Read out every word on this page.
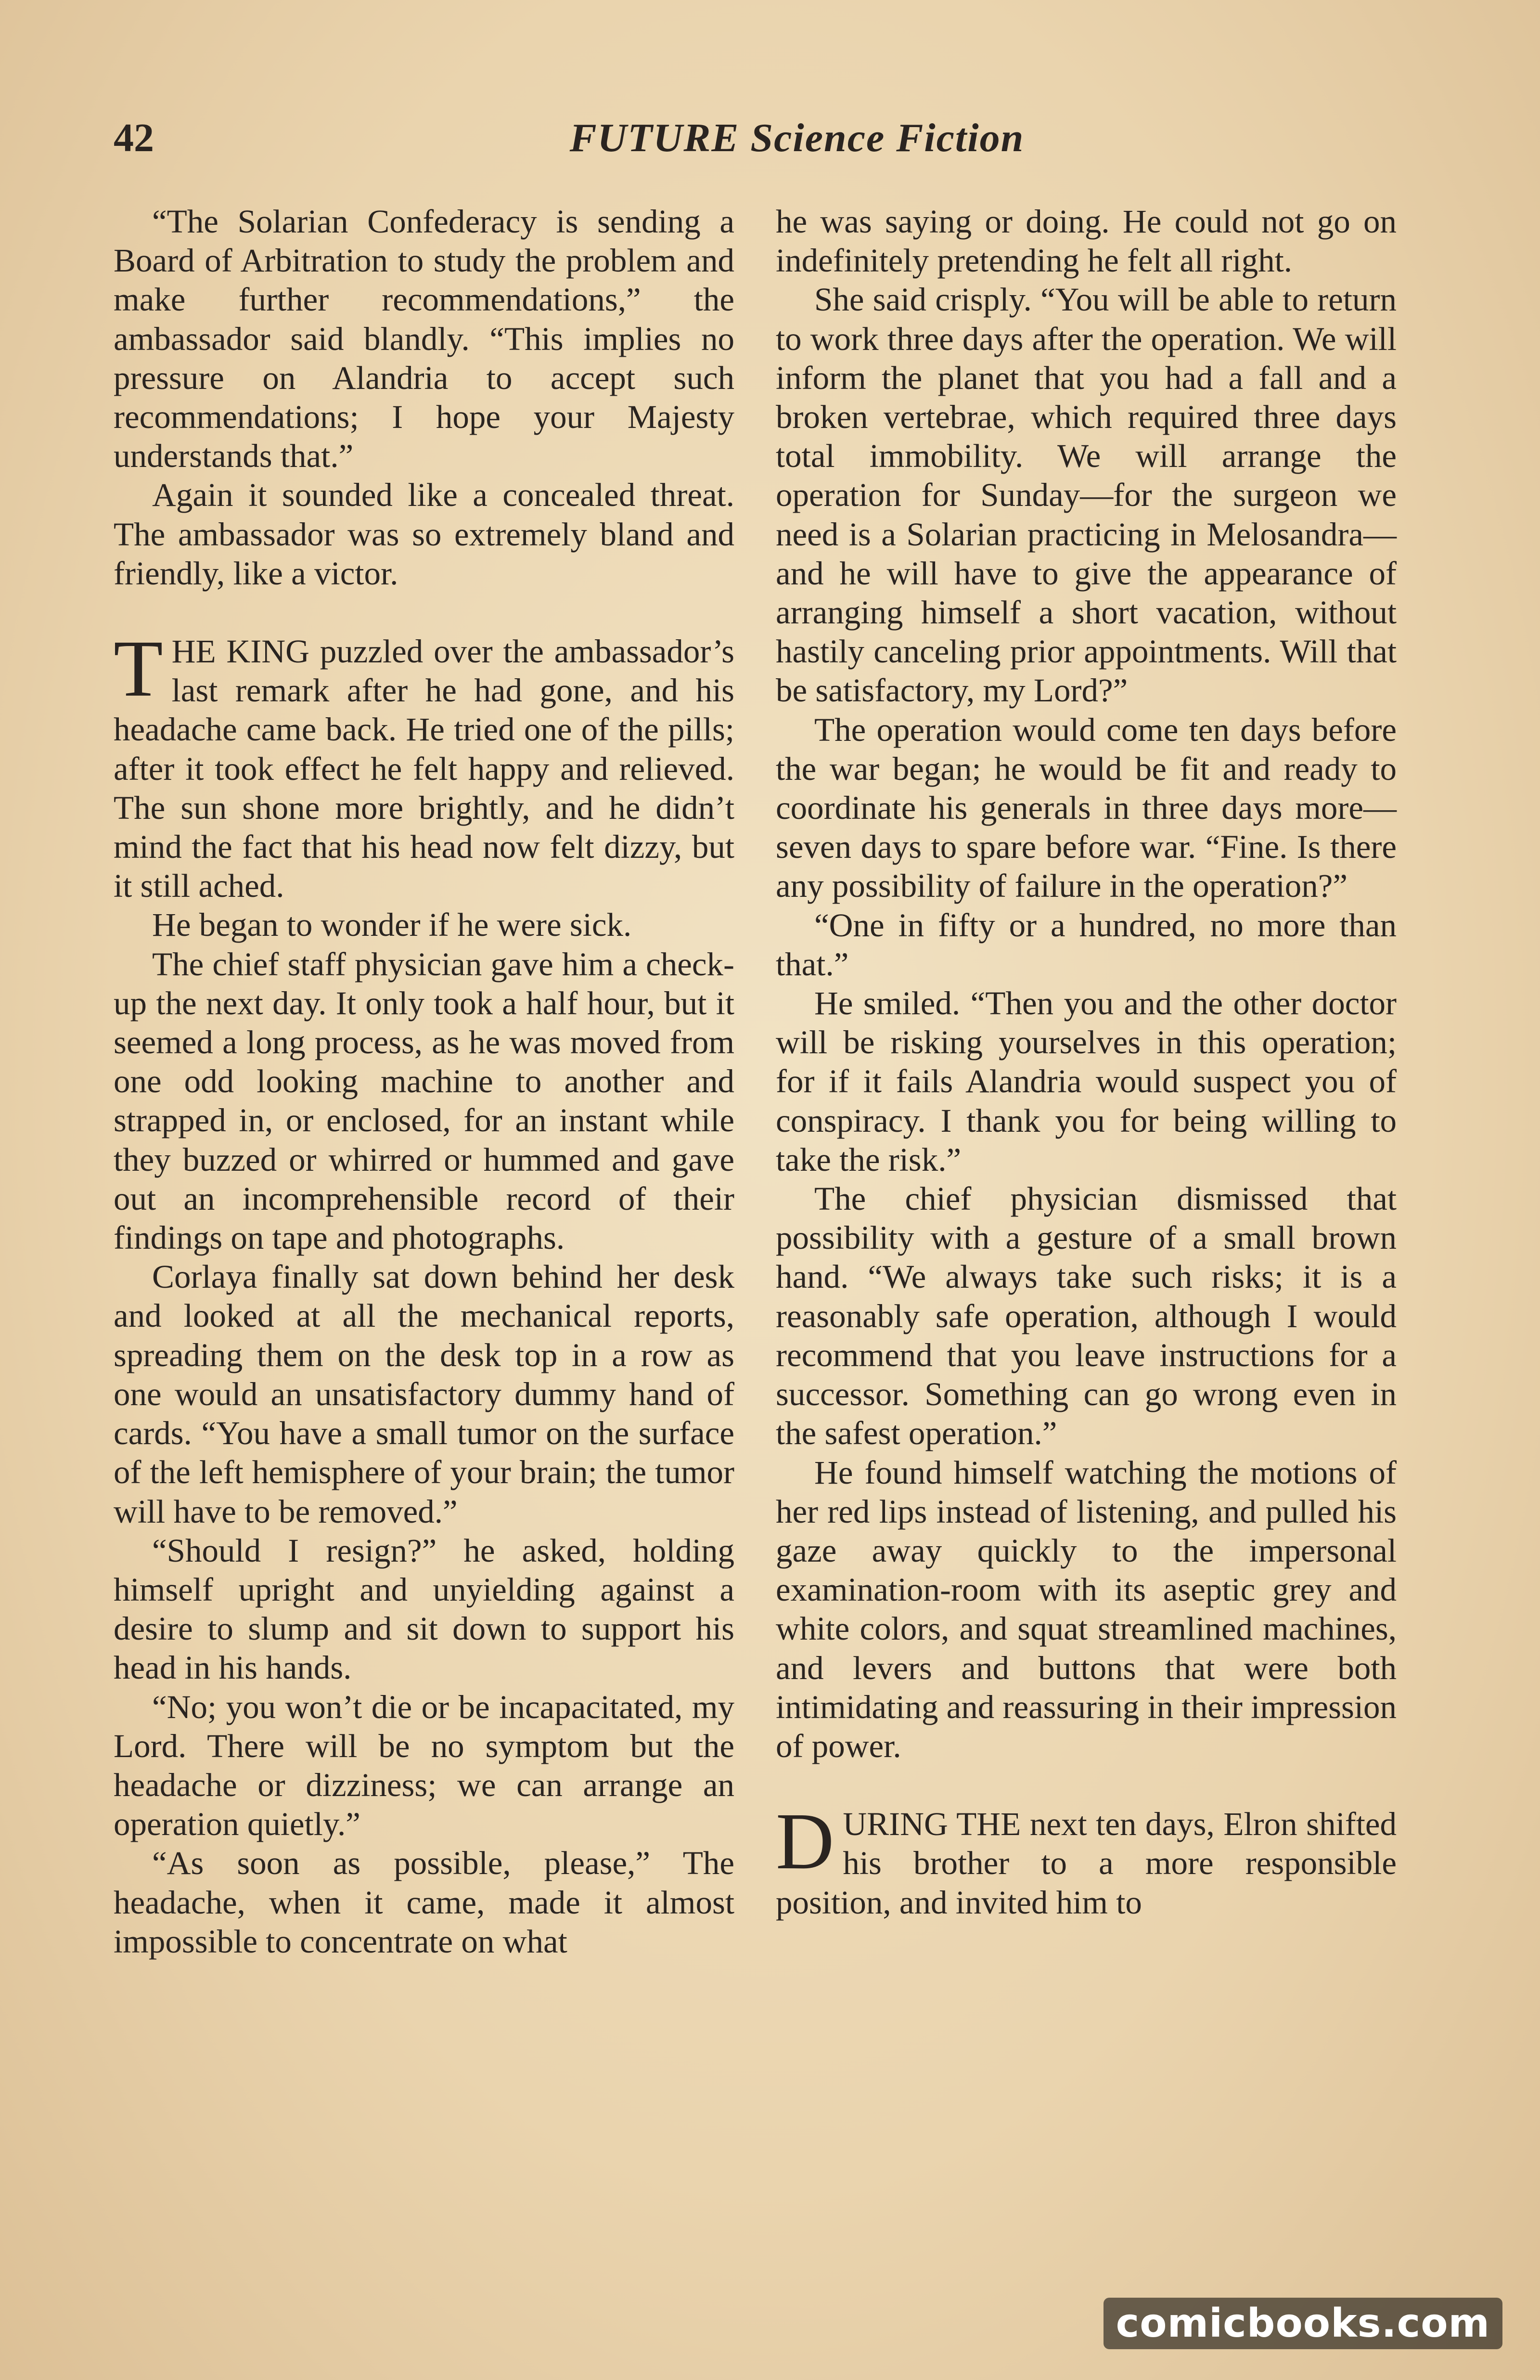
42	FUTURE Science Fiction

“The Solarian Confederacy is sending a Board of Arbitration to study the problem and make further recommendations,” the ambassador said blandly. “This implies no pressure on Alandria to accept such recommendations; I hope your Majesty understands that.”

Again it sounded like a concealed threat. The ambassador was so extremely bland and friendly, like a victor.

THE KING puzzled over the ambassador’s last remark after he had gone, and his headache came back. He tried one of the pills; after it took effect he felt happy and relieved. The sun shone more brightly, and he didn’t mind the fact that his head now felt dizzy, but it still ached.

He began to wonder if he were sick.

The chief staff physician gave him a check-up the next day. It only took a half hour, but it seemed a long process, as he was moved from one odd looking machine to another and strapped in, or enclosed, for an instant while they buzzed or whirred or hummed and gave out an incomprehensible record of their findings on tape and photographs.

Corlaya finally sat down behind her desk and looked at all the mechanical reports, spreading them on the desk top in a row as one would an unsatisfactory dummy hand of cards. “You have a small tumor on the surface of the left hemisphere of your brain; the tumor will have to be removed.”

“Should I resign?” he asked, holding himself upright and unyielding against a desire to slump and sit down to support his head in his hands.

“No; you won’t die or be incapacitated, my Lord. There will be no symptom but the headache or dizziness; we can arrange an operation quietly.”

“As soon as possible, please,” The headache, when it came, made it almost impossible to concentrate on what

he was saying or doing. He could not go on indefinitely pretending he felt all right.

She said crisply. “You will be able to return to work three days after the operation. We will inform the planet that you had a fall and a broken vertebrae, which required three days total immobility. We will arrange the operation for Sunday—for the surgeon we need is a Solarian practicing in Melosandra—and he will have to give the appearance of arranging himself a short vacation, without hastily canceling prior appointments. Will that be satisfactory, my Lord?”

The operation would come ten days before the war began; he would be fit and ready to coordinate his generals in three days more—seven days to spare before war. “Fine. Is there any possibility of failure in the operation?”

“One in fifty or a hundred, no more than that.”

He smiled. “Then you and the other doctor will be risking yourselves in this operation; for if it fails Alandria would suspect you of conspiracy. I thank you for being willing to take the risk.”

The chief physician dismissed that possibility with a gesture of a small brown hand. “We always take such risks; it is a reasonably safe operation, although I would recommend that you leave instructions for a successor. Something can go wrong even in the safest operation.”

He found himself watching the motions of her red lips instead of listening, and pulled his gaze away quickly to the impersonal examination-room with its aseptic grey and white colors, and squat streamlined machines, and levers and buttons that were both intimidating and reassuring in their impression of power.

DURING THE next ten days, Elron shifted his brother to a more responsible position, and invited him to

comicbooks.com
